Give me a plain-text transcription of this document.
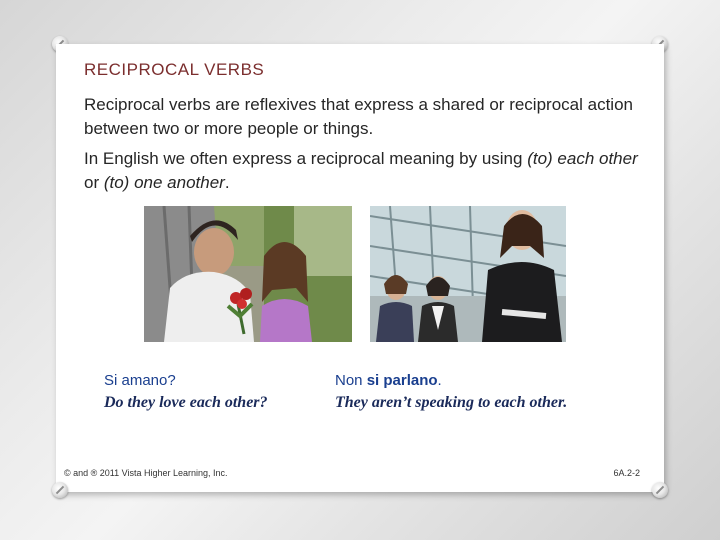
RECIPROCAL VERBS

Reciprocal verbs are reflexives that express a shared or reciprocal action between two or more people or things.

In English we often express a reciprocal meaning by using (to) each other or (to) one another.

Si amano?
Do they love each other?
Non si parlano.
They aren’t speaking to each other.
© and ® 2011 Vista Higher Learning, Inc.	6A.2-2
